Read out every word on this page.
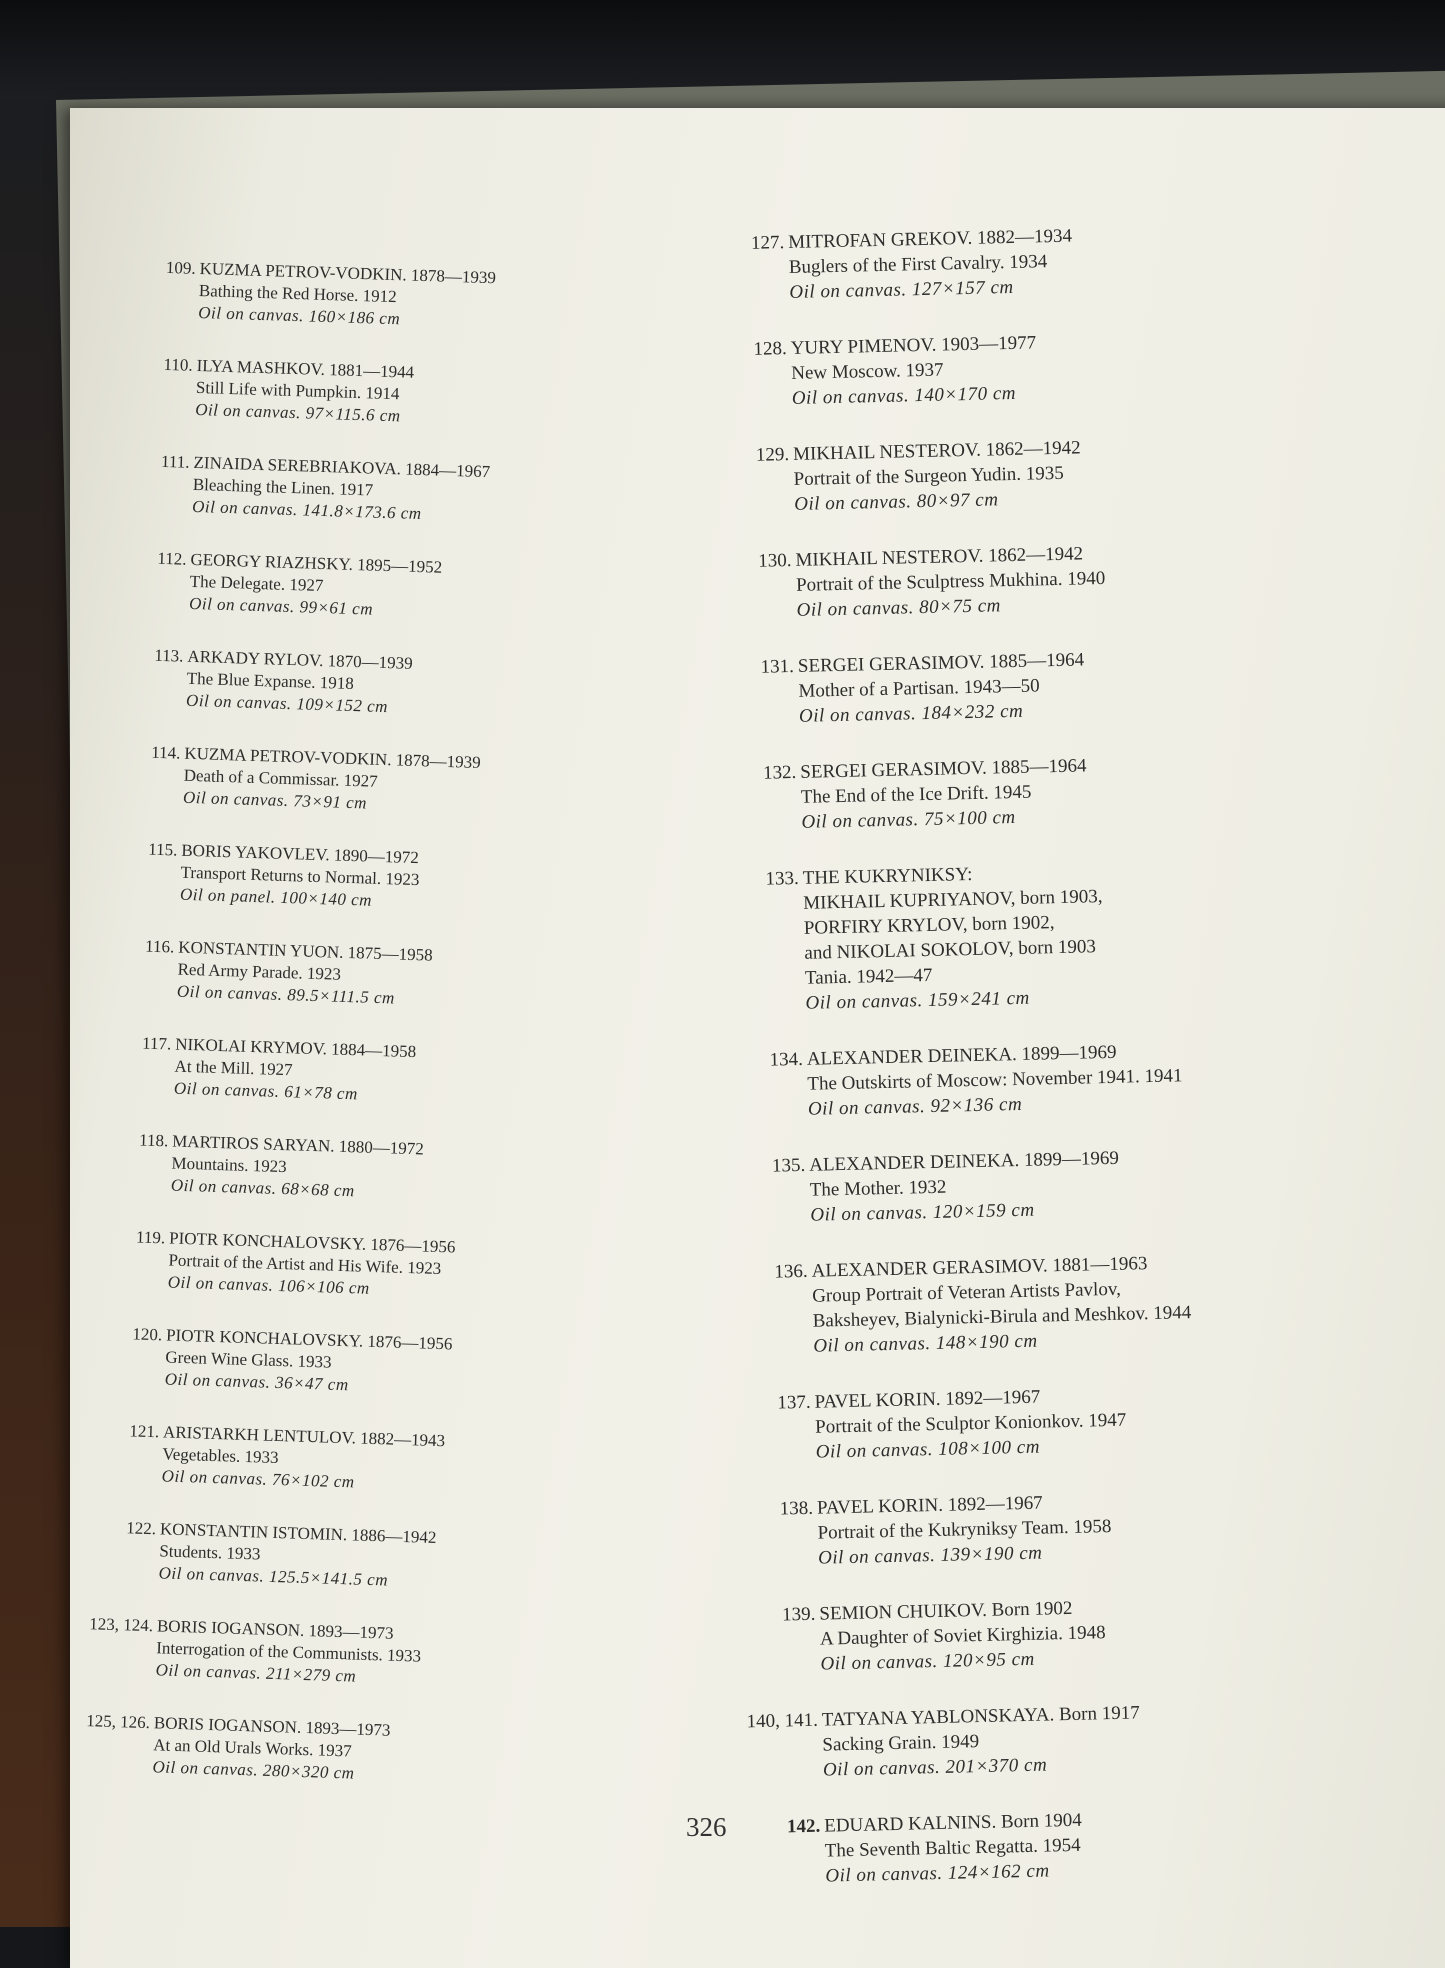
109. KUZMA PETROV-VODKIN. 1878—1939
Bathing the Red Horse. 1912
Oil on canvas. 160×186 cm
110. ILYA MASHKOV. 1881—1944
Still Life with Pumpkin. 1914
Oil on canvas. 97×115.6 cm
111. ZINAIDA SEREBRIAKOVA. 1884—1967
Bleaching the Linen. 1917
Oil on canvas. 141.8×173.6 cm
112. GEORGY RIAZHSKY. 1895—1952
The Delegate. 1927
Oil on canvas. 99×61 cm
113. ARKADY RYLOV. 1870—1939
The Blue Expanse. 1918
Oil on canvas. 109×152 cm
114. KUZMA PETROV-VODKIN. 1878—1939
Death of a Commissar. 1927
Oil on canvas. 73×91 cm
115. BORIS YAKOVLEV. 1890—1972
Transport Returns to Normal. 1923
Oil on panel. 100×140 cm
116. KONSTANTIN YUON. 1875—1958
Red Army Parade. 1923
Oil on canvas. 89.5×111.5 cm
117. NIKOLAI KRYMOV. 1884—1958
At the Mill. 1927
Oil on canvas. 61×78 cm
118. MARTIROS SARYAN. 1880—1972
Mountains. 1923
Oil on canvas. 68×68 cm
119. PIOTR KONCHALOVSKY. 1876—1956
Portrait of the Artist and His Wife. 1923
Oil on canvas. 106×106 cm
120. PIOTR KONCHALOVSKY. 1876—1956
Green Wine Glass. 1933
Oil on canvas. 36×47 cm
121. ARISTARKH LENTULOV. 1882—1943
Vegetables. 1933
Oil on canvas. 76×102 cm
122. KONSTANTIN ISTOMIN. 1886—1942
Students. 1933
Oil on canvas. 125.5×141.5 cm
123, 124. BORIS IOGANSON. 1893—1973
Interrogation of the Communists. 1933
Oil on canvas. 211×279 cm
125, 126. BORIS IOGANSON. 1893—1973
At an Old Urals Works. 1937
Oil on canvas. 280×320 cm
127. MITROFAN GREKOV. 1882—1934
Buglers of the First Cavalry. 1934
Oil on canvas. 127×157 cm
128. YURY PIMENOV. 1903—1977
New Moscow. 1937
Oil on canvas. 140×170 cm
129. MIKHAIL NESTEROV. 1862—1942
Portrait of the Surgeon Yudin. 1935
Oil on canvas. 80×97 cm
130. MIKHAIL NESTEROV. 1862—1942
Portrait of the Sculptress Mukhina. 1940
Oil on canvas. 80×75 cm
131. SERGEI GERASIMOV. 1885—1964
Mother of a Partisan. 1943—50
Oil on canvas. 184×232 cm
132. SERGEI GERASIMOV. 1885—1964
The End of the Ice Drift. 1945
Oil on canvas. 75×100 cm
133. THE KUKRYNIKSY:
MIKHAIL KUPRIYANOV, born 1903,
PORFIRY KRYLOV, born 1902,
and NIKOLAI SOKOLOV, born 1903
Tania. 1942—47
Oil on canvas. 159×241 cm
134. ALEXANDER DEINEKA. 1899—1969
The Outskirts of Moscow: November 1941. 1941
Oil on canvas. 92×136 cm
135. ALEXANDER DEINEKA. 1899—1969
The Mother. 1932
Oil on canvas. 120×159 cm
136. ALEXANDER GERASIMOV. 1881—1963
Group Portrait of Veteran Artists Pavlov,
Baksheyev, Bialynicki-Birula and Meshkov. 1944
Oil on canvas. 148×190 cm
137. PAVEL KORIN. 1892—1967
Portrait of the Sculptor Konionkov. 1947
Oil on canvas. 108×100 cm
138. PAVEL KORIN. 1892—1967
Portrait of the Kukryniksy Team. 1958
Oil on canvas. 139×190 cm
139. SEMION CHUIKOV. Born 1902
A Daughter of Soviet Kirghizia. 1948
Oil on canvas. 120×95 cm
140, 141. TATYANA YABLONSKAYA. Born 1917
Sacking Grain. 1949
Oil on canvas. 201×370 cm
142. EDUARD KALNINS. Born 1904
The Seventh Baltic Regatta. 1954
Oil on canvas. 124×162 cm
326
